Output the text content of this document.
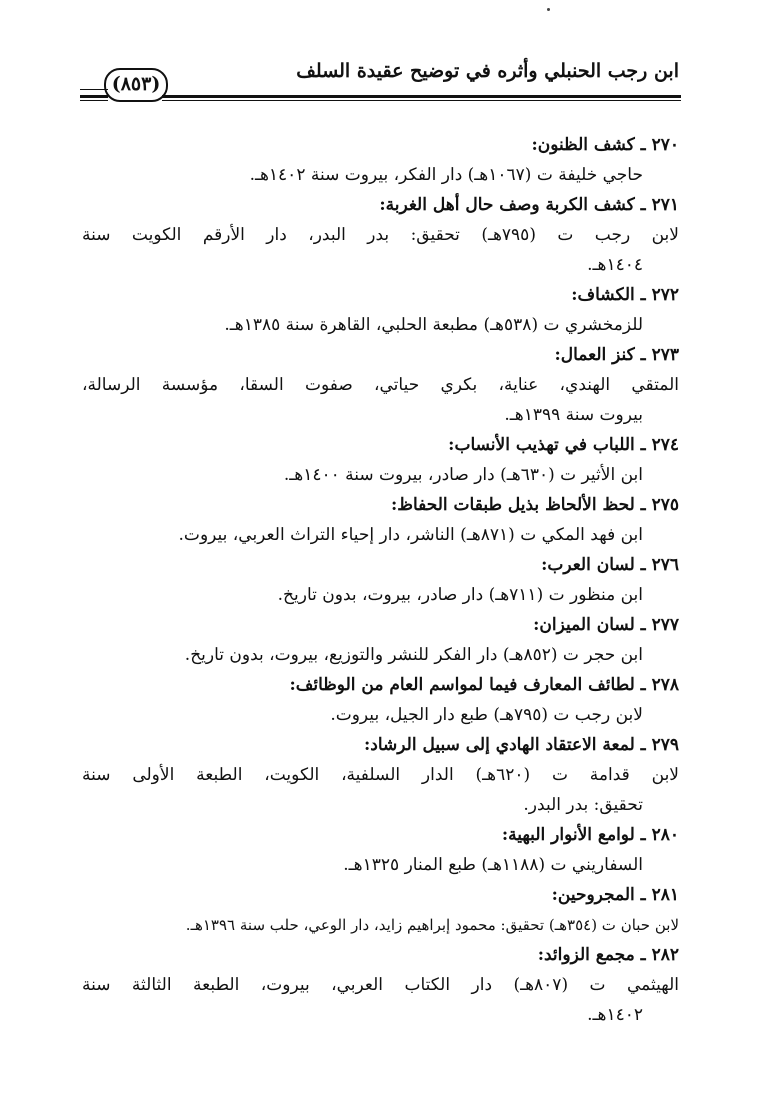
ابن رجب الحنبلي وأثره في توضيح عقيدة السلف
(٨٥٣)
٢٧٠ ـ كشف الظنون:
حاجي خليفة ت (١٠٦٧هـ) دار الفكر، بيروت سنة ١٤٠٢هـ.
٢٧١ ـ كشف الكربة وصف حال أهل الغربة:
لابن رجب ت (٧٩٥هـ) تحقيق: بدر البدر، دار الأرقم الكويت سنة
١٤٠٤هـ.
٢٧٢ ـ الكشاف:
للزمخشري ت (٥٣٨هـ) مطبعة الحلبي، القاهرة سنة ١٣٨٥هـ.
٢٧٣ ـ كنز العمال:
المتقي الهندي، عناية، بكري حياتي، صفوت السقا، مؤسسة الرسالة،
بيروت سنة ١٣٩٩هـ.
٢٧٤ ـ اللباب في تهذيب الأنساب:
ابن الأثير ت (٦٣٠هـ) دار صادر، بيروت سنة ١٤٠٠هـ.
٢٧٥ ـ لحظ الألحاظ بذيل طبقات الحفاظ:
ابن فهد المكي ت (٨٧١هـ) الناشر، دار إحياء التراث العربي، بيروت.
٢٧٦ ـ لسان العرب:
ابن منظور ت (٧١١هـ) دار صادر، بيروت، بدون تاريخ.
٢٧٧ ـ لسان الميزان:
ابن حجر ت (٨٥٢هـ) دار الفكر للنشر والتوزيع، بيروت، بدون تاريخ.
٢٧٨ ـ لطائف المعارف فيما لمواسم العام من الوظائف:
لابن رجب ت (٧٩٥هـ) طبع دار الجيل، بيروت.
٢٧٩ ـ لمعة الاعتقاد الهادي إلى سبيل الرشاد:
لابن قدامة ت (٦٢٠هـ) الدار السلفية، الكويت، الطبعة الأولى سنة
تحقيق: بدر البدر.
٢٨٠ ـ لوامع الأنوار البهية:
السفاريني ت (١١٨٨هـ) طبع المنار ١٣٢٥هـ.
٢٨١ ـ المجروحين:
لابن حبان ت (٣٥٤هـ) تحقيق: محمود إبراهيم زايد، دار الوعي، حلب سنة ١٣٩٦هـ.
٢٨٢ ـ مجمع الزوائد:
الهيثمي ت (٨٠٧هـ) دار الكتاب العربي، بيروت، الطبعة الثالثة سنة
١٤٠٢هـ.
